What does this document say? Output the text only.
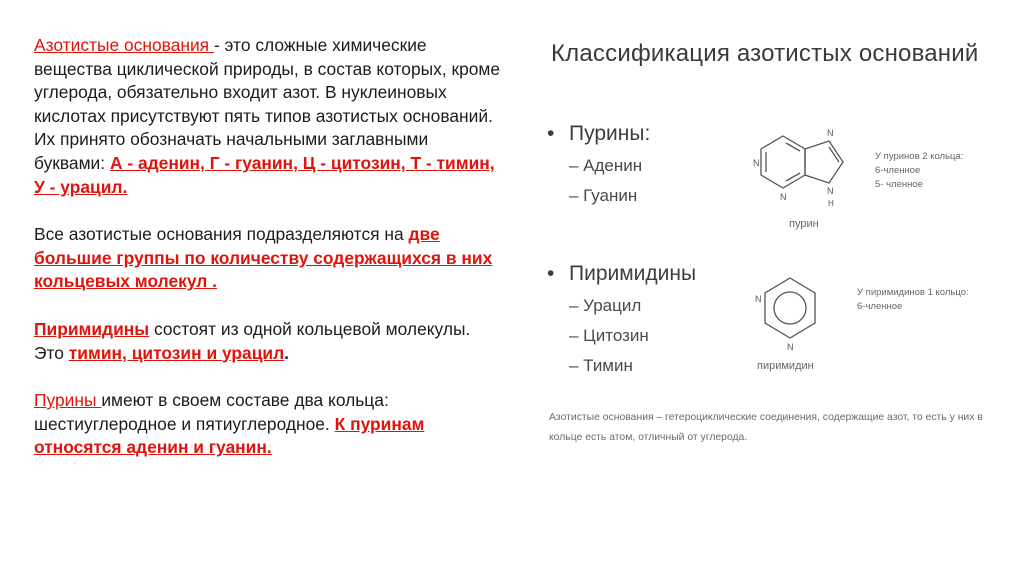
Азотистые основания - это сложные химические вещества циклической природы, в состав которых, кроме углерода, обязательно входит азот. В нуклеиновых кислотах присутствуют пять типов азотистых оснований. Их принято обозначать начальными заглавными буквами: А - аденин, Г - гуанин, Ц - цитозин, Т - тимин, У - урацил.

Все азотистые основания подразделяются на две большие группы по количеству содержащихся в них кольцевых молекул .

Пиримидины состоят из одной кольцевой молекулы. Это тимин, цитозин и урацил.

Пурины имеют в своем составе два кольца: шестиуглеродное и пятиуглеродное. К пуринам относятся аденин и гуанин.

Классификация азотистых оснований
• Пурины:
– Аденин
– Гуанин
N
N
N
N
H
пурин
У пуринов 2 кольца:
6-членное
5- членное
• Пиримидины
– Урацил
– Цитозин
– Тимин
N
N
пиримидин
У пиримидинов 1 кольцо:
6-членное
Азотистые основания – гетероциклические соединения, содержащие азот, то есть у них в кольце есть атом, отличный от углерода.
